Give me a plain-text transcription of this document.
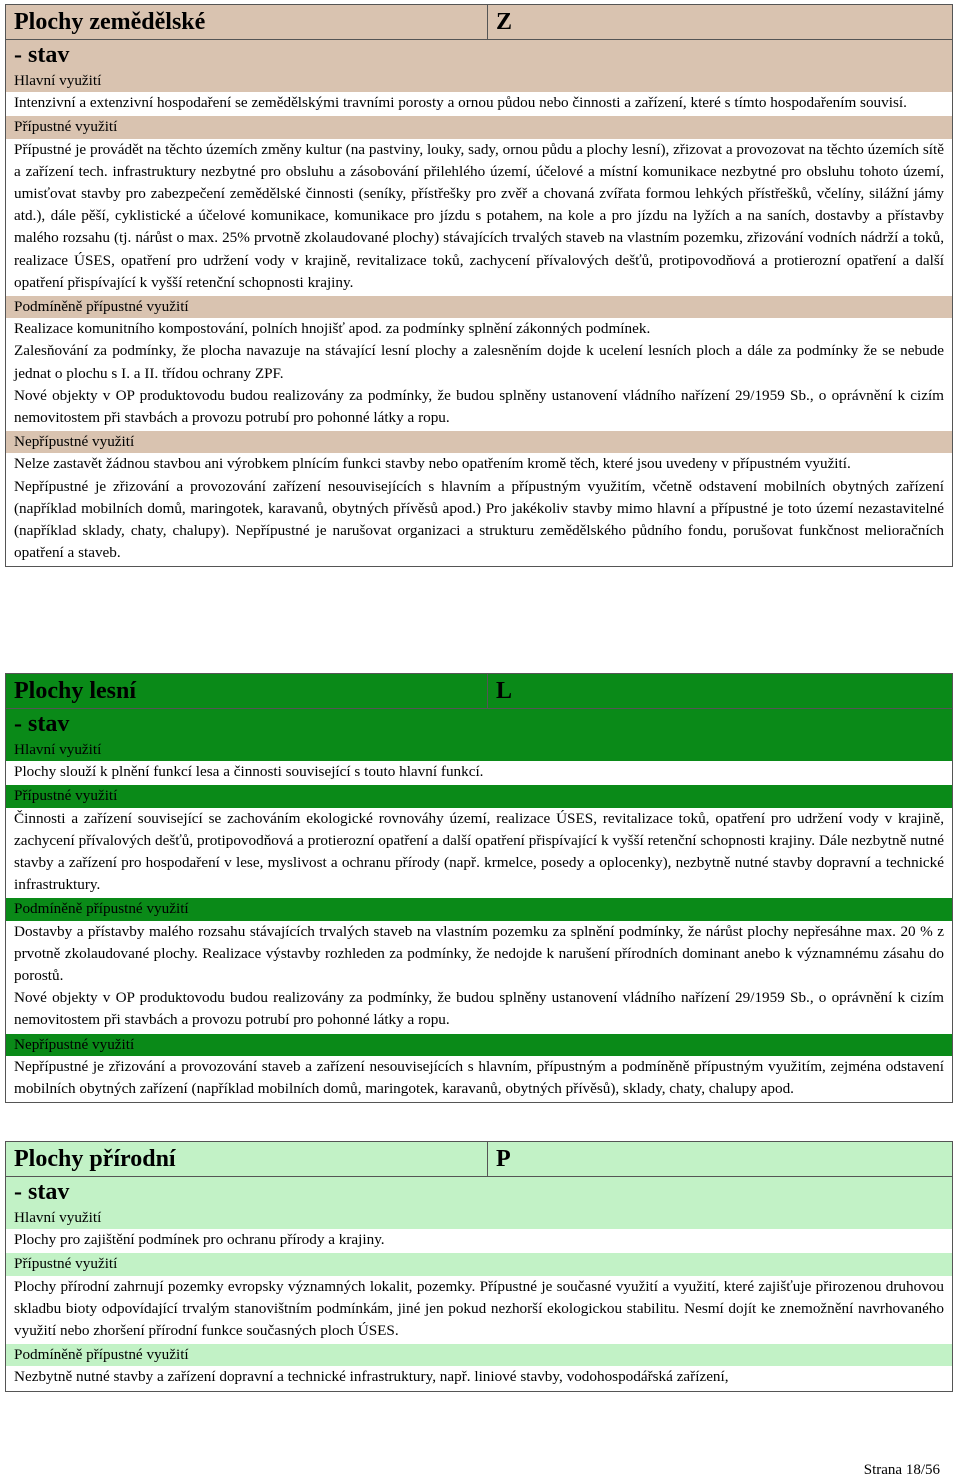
Plochy zemědělské	Z
- stav
Hlavní využití

Intenzivní a extenzivní hospodaření se zemědělskými travními porosty a ornou půdou nebo činnosti a zařízení, které s tímto hospodařením souvisí.

Přípustné využití

Přípustné je provádět na těchto územích změny kultur (na pastviny, louky, sady, ornou půdu a plochy lesní), zřizovat a provozovat na těchto územích sítě a zařízení tech. infrastruktury nezbytné pro obsluhu a zásobování přilehlého území, účelové a místní komunikace nezbytné pro obsluhu tohoto území, umisťovat stavby pro zabezpečení zemědělské činnosti (seníky, přístřešky pro zvěř a chovaná zvířata formou lehkých přístřešků, včelíny, silážní jámy atd.), dále pěší, cyklistické a účelové komunikace, komunikace pro jízdu s potahem, na kole a pro jízdu na lyžích a na saních, dostavby a přístavby malého rozsahu (tj. nárůst o max. 25% prvotně zkolaudované plochy) stávajících trvalých staveb na vlastním pozemku, zřizování vodních nádrží a toků, realizace ÚSES, opatření pro udržení vody v krajině, revitalizace toků, zachycení přívalových dešťů, protipovodňová a protierozní opatření a další opatření přispívající k vyšší retenční schopnosti krajiny.

Podmíněně přípustné využití

Realizace komunitního kompostování, polních hnojišť apod. za podmínky splnění zákonných podmínek.

Zalesňování za podmínky, že plocha navazuje na stávající lesní plochy a zalesněním dojde k ucelení lesních ploch a dále za podmínky že se nebude jednat o plochu s I. a II. třídou ochrany ZPF.

Nové objekty v OP produktovodu budou realizovány za podmínky, že budou splněny ustanovení vládního nařízení 29/1959 Sb., o oprávnění k cizím nemovitostem při stavbách a provozu potrubí pro pohonné látky a ropu.

Nepřípustné využití

Nelze zastavět žádnou stavbou ani výrobkem plnícím funkci stavby nebo opatřením kromě těch, které jsou uvedeny v přípustném využití.

Nepřípustné je zřizování a provozování zařízení nesouvisejících s hlavním a přípustným využitím, včetně odstavení mobilních obytných zařízení (například mobilních domů, maringotek, karavanů, obytných přívěsů apod.) Pro jakékoliv stavby mimo hlavní a přípustné je toto území nezastavitelné (například sklady, chaty, chalupy). Nepřípustné je narušovat organizaci a strukturu zemědělského půdního fondu, porušovat funkčnost melioračních opatření a staveb.

Plochy lesní	L
- stav
Hlavní využití

Plochy slouží k plnění funkcí lesa a činnosti související s touto hlavní funkcí.

Přípustné využití

Činnosti a zařízení související se zachováním ekologické rovnováhy území, realizace ÚSES, revitalizace toků, opatření pro udržení vody v krajině, zachycení přívalových dešťů, protipovodňová a protierozní opatření a další opatření přispívající k vyšší retenční schopnosti krajiny. Dále nezbytně nutné stavby a zařízení pro hospodaření v lese, myslivost a ochranu přírody (např. krmelce, posedy a oplocenky), nezbytně nutné stavby dopravní a technické infrastruktury.

Podmíněně přípustné využití

Dostavby a přístavby malého rozsahu stávajících trvalých staveb na vlastním pozemku za splnění podmínky, že nárůst plochy nepřesáhne max. 20 % z prvotně zkolaudované plochy. Realizace výstavby rozhleden za podmínky, že nedojde k narušení přírodních dominant anebo k významnému zásahu do porostů.

Nové objekty v OP produktovodu budou realizovány za podmínky, že budou splněny ustanovení vládního nařízení 29/1959 Sb., o oprávnění k cizím nemovitostem při stavbách a provozu potrubí pro pohonné látky a ropu.

Nepřípustné využití

Nepřípustné je zřizování a provozování staveb a zařízení nesouvisejících s hlavním, přípustným a podmíněně přípustným využitím, zejména odstavení mobilních obytných zařízení (například mobilních domů, maringotek, karavanů, obytných přívěsů), sklady, chaty, chalupy apod.

Plochy přírodní	P
- stav
Hlavní využití

Plochy pro zajištění podmínek pro ochranu přírody a krajiny.

Přípustné využití

Plochy přírodní zahrnují pozemky evropsky významných lokalit, pozemky. Přípustné je současné využití a využití, které zajišťuje přirozenou druhovou skladbu bioty odpovídající trvalým stanovištním podmínkám, jiné jen pokud nezhorší ekologickou stabilitu. Nesmí dojít ke znemožnění navrhovaného využití nebo zhoršení přírodní funkce současných ploch ÚSES.

Podmíněně přípustné využití

Nezbytně nutné stavby a zařízení dopravní a technické infrastruktury, např. liniové stavby, vodohospodářská zařízení,

Strana 18/56
